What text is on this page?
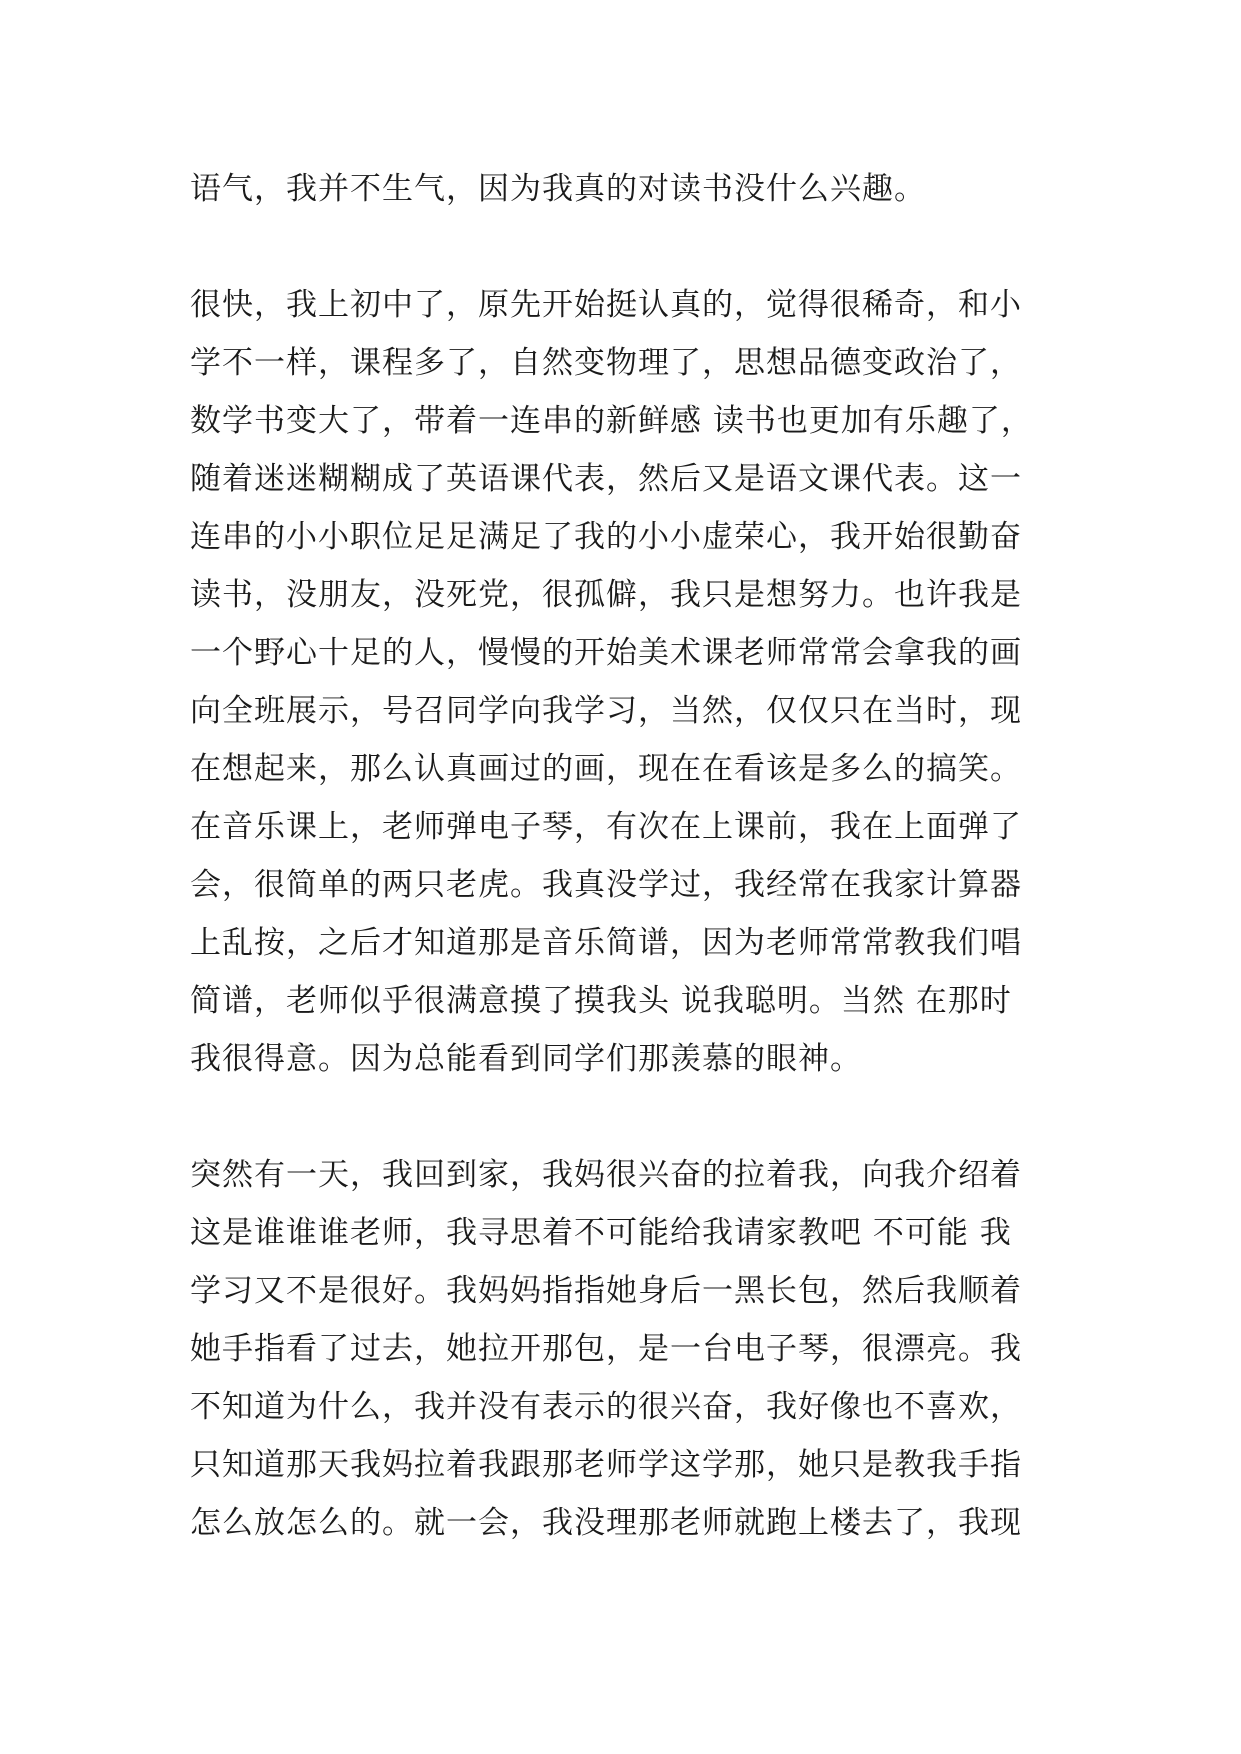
语气，我并不生气，因为我真的对读书没什么兴趣。
很快，我上初中了，原先开始挺认真的，觉得很稀奇，和小
学不一样，课程多了，自然变物理了，思想品德变政治了，
数学书变大了，带着一连串的新鲜感 读书也更加有乐趣了，
随着迷迷糊糊成了英语课代表，然后又是语文课代表。这一
连串的小小职位足足满足了我的小小虚荣心，我开始很勤奋
读书，没朋友，没死党，很孤僻，我只是想努力。也许我是
一个野心十足的人，慢慢的开始美术课老师常常会拿我的画
向全班展示，号召同学向我学习，当然，仅仅只在当时，现
在想起来，那么认真画过的画，现在在看该是多么的搞笑。
在音乐课上，老师弹电子琴，有次在上课前，我在上面弹了
会，很简单的两只老虎。我真没学过，我经常在我家计算器
上乱按，之后才知道那是音乐简谱，因为老师常常教我们唱
简谱，老师似乎很满意摸了摸我头 说我聪明。当然 在那时
我很得意。因为总能看到同学们那羡慕的眼神。
突然有一天，我回到家，我妈很兴奋的拉着我，向我介绍着
这是谁谁谁老师，我寻思着不可能给我请家教吧 不可能 我
学习又不是很好。我妈妈指指她身后一黑长包，然后我顺着
她手指看了过去，她拉开那包，是一台电子琴，很漂亮。我
不知道为什么，我并没有表示的很兴奋，我好像也不喜欢，
只知道那天我妈拉着我跟那老师学这学那，她只是教我手指
怎么放怎么的。就一会，我没理那老师就跑上楼去了，我现
